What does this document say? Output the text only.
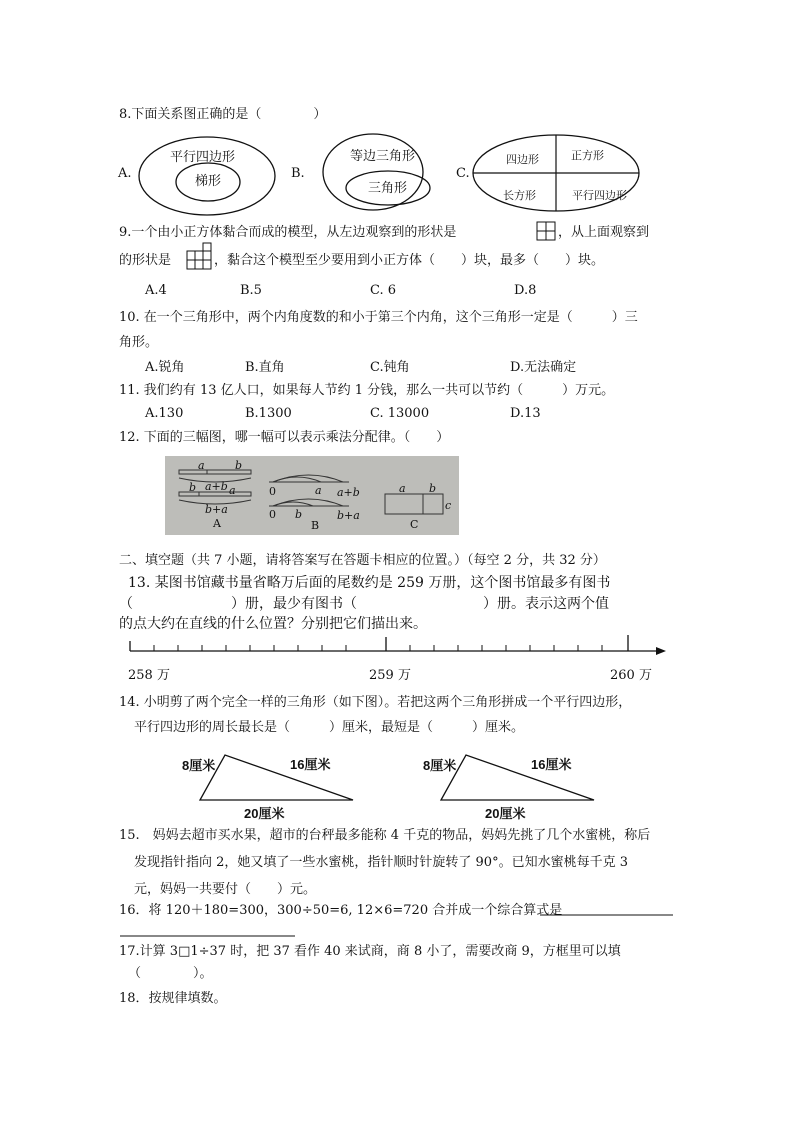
8.下面关系图正确的是（　　　　）
A.
平行四边形
梯形
B.
等边三角形
三角形
C.
四边形	正方形
长方形	平行四边形
9.一个由小正方体黏合而成的模型，从左边观察到的形状是	，从上面观察到
的形状是	，黏合这个模型至少要用到小正方体（　　）块，最多（　　）块。
A.4	B.5	C. 6	D.8
10. 在一个三角形中，两个内角度数的和小于第三个内角，这个三角形一定是（　　　）三
角形。
A.锐角	B.直角	C.钝角	D.无法确定
11. 我们约有 13 亿人口，如果每人节约 1 分钱，那么一共可以节约（　　　）万元。
A.130	B.1300	C. 13000	D.13
12. 下面的三幅图，哪一幅可以表示乘法分配律。（　　）
a	b
a+b
b	a
b+a
A
0	a a+b
0 b	b+a
B
a b
c
C
二、填空题（共 7 小题，请将答案写在答题卡相应的位置。）（每空 2 分，共 32 分）
13. 某图书馆藏书量省略万后面的尾数约是 259 万册，这个图书馆最多有图书
（　　　　　　　）册，最少有图书（　　　　　　　　　）册。表示这两个值
的点大约在直线的什么位置？分别把它们描出来。
258 万	259 万	260 万
14. 小明剪了两个完全一样的三角形（如下图）。若把这两个三角形拼成一个平行四边形，
平行四边形的周长最长是（　　　）厘米，最短是（　　　）厘米。
8厘米	16厘米
20厘米
8厘米	16厘米
20厘米
15.　妈妈去超市买水果，超市的台秤最多能称 4 千克的物品，妈妈先挑了几个水蜜桃，称后
发现指针指向 2，她又填了一些水蜜桃，指针顺时针旋转了 90°。已知水蜜桃每千克 3
元，妈妈一共要付（　　）元。
16．将 120＋180=300，300÷50=6, 12×6=720 合并成一个综合算式是
17.计算 3□1÷37 时，把 37 看作 40 来试商，商 8 小了，需要改商 9，方框里可以填
（　　　　）。
18．按规律填数。
